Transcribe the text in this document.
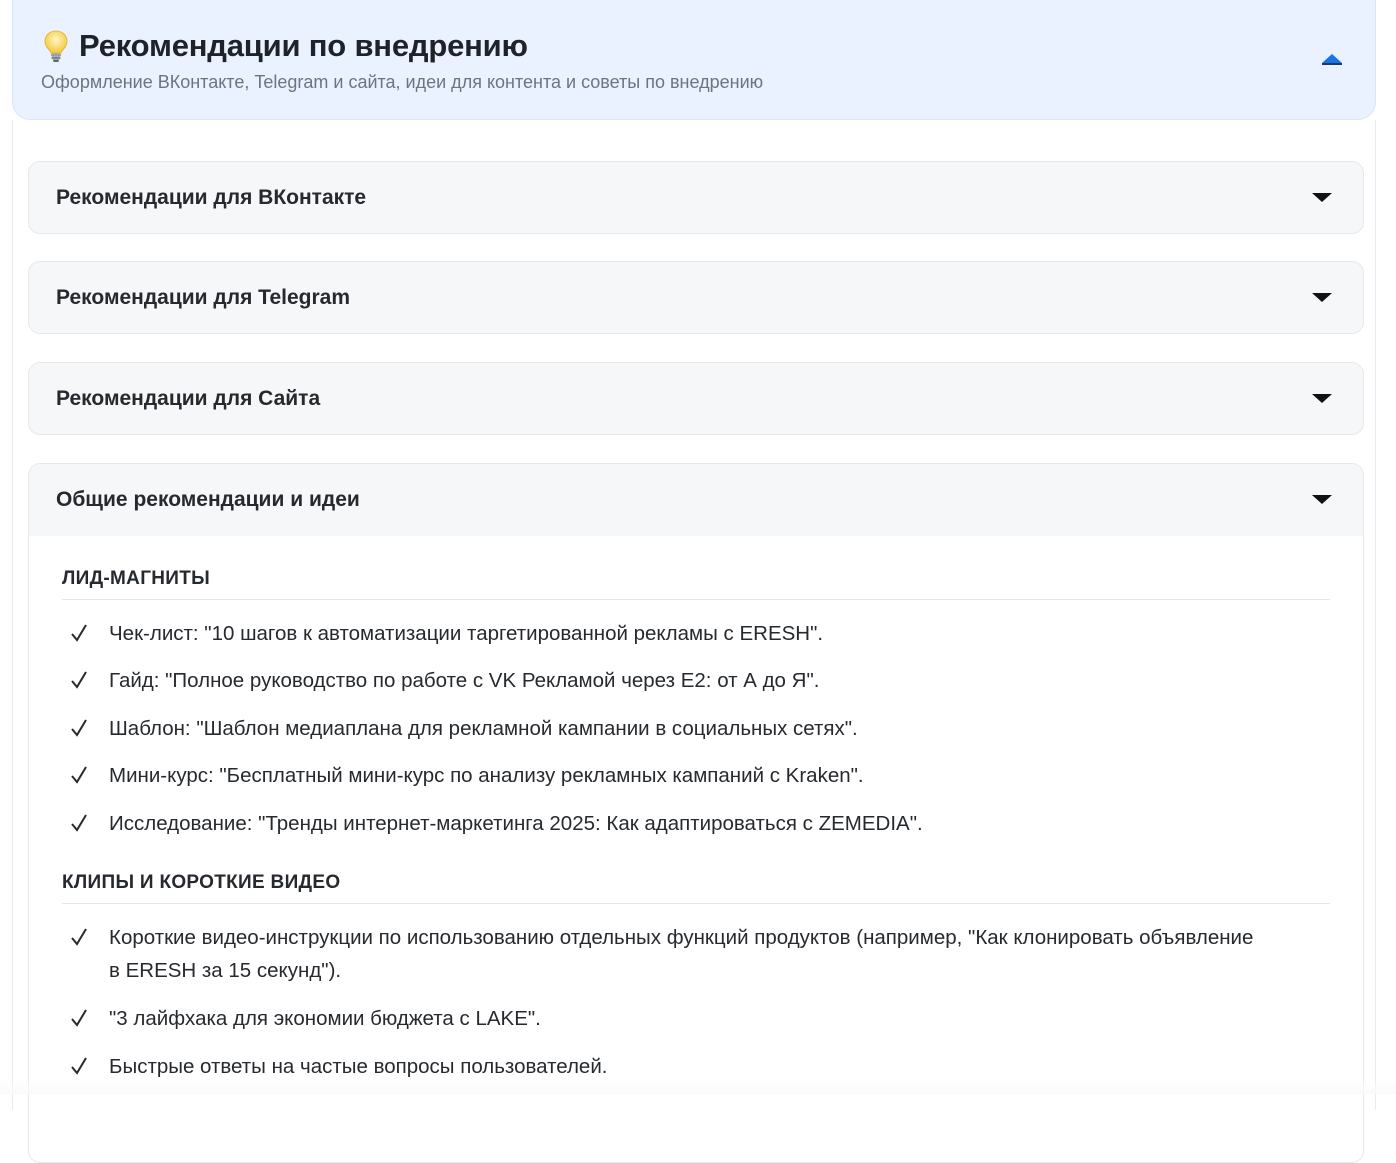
Рекомендации по внедрению
Оформление ВКонтакте, Telegram и сайта, идеи для контента и советы по внедрению
Рекомендации для ВКонтакте
Рекомендации для Telegram
Рекомендации для Сайта
Общие рекомендации и идеи
ЛИД-МАГНИТЫ
Чек-лист: "10 шагов к автоматизации таргетированной рекламы с ERESH".
Гайд: "Полное руководство по работе с VK Рекламой через E2: от А до Я".
Шаблон: "Шаблон медиаплана для рекламной кампании в социальных сетях".
Мини-курс: "Бесплатный мини-курс по анализу рекламных кампаний с Kraken".
Исследование: "Тренды интернет-маркетинга 2025: Как адаптироваться с ZEMEDIA".
КЛИПЫ И КОРОТКИЕ ВИДЕО
Короткие видео-инструкции по использованию отдельных функций продуктов (например, "Как клонировать объявление в ERESH за 15 секунд").
"3 лайфхака для экономии бюджета с LAKE".
Быстрые ответы на частые вопросы пользователей.
